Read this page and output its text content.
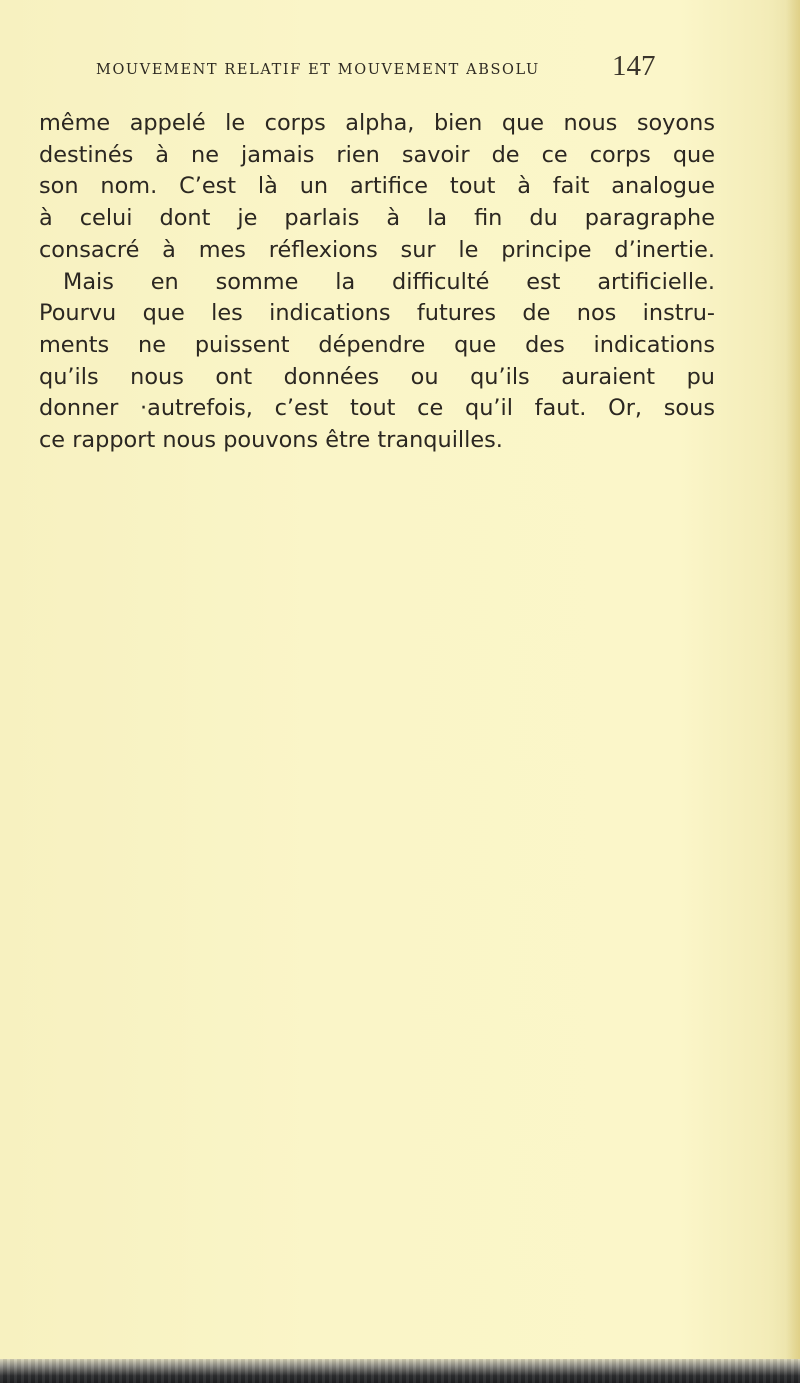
MOUVEMENT RELATIF ET MOUVEMENT ABSOLU	147
même appelé le corps alpha, bien que nous soyons
destinés à ne jamais rien savoir de ce corps que
son nom. C’est là un artifice tout à fait analogue
à celui dont je parlais à la fin du paragraphe
consacré à mes réflexions sur le principe d’inertie.
Mais en somme la difficulté est artificielle.
Pourvu que les indications futures de nos instru-
ments ne puissent dépendre que des indications
qu’ils nous ont données ou qu’ils auraient pu
donner ·autrefois, c’est tout ce qu’il faut. Or, sous
ce rapport nous pouvons être tranquilles.
